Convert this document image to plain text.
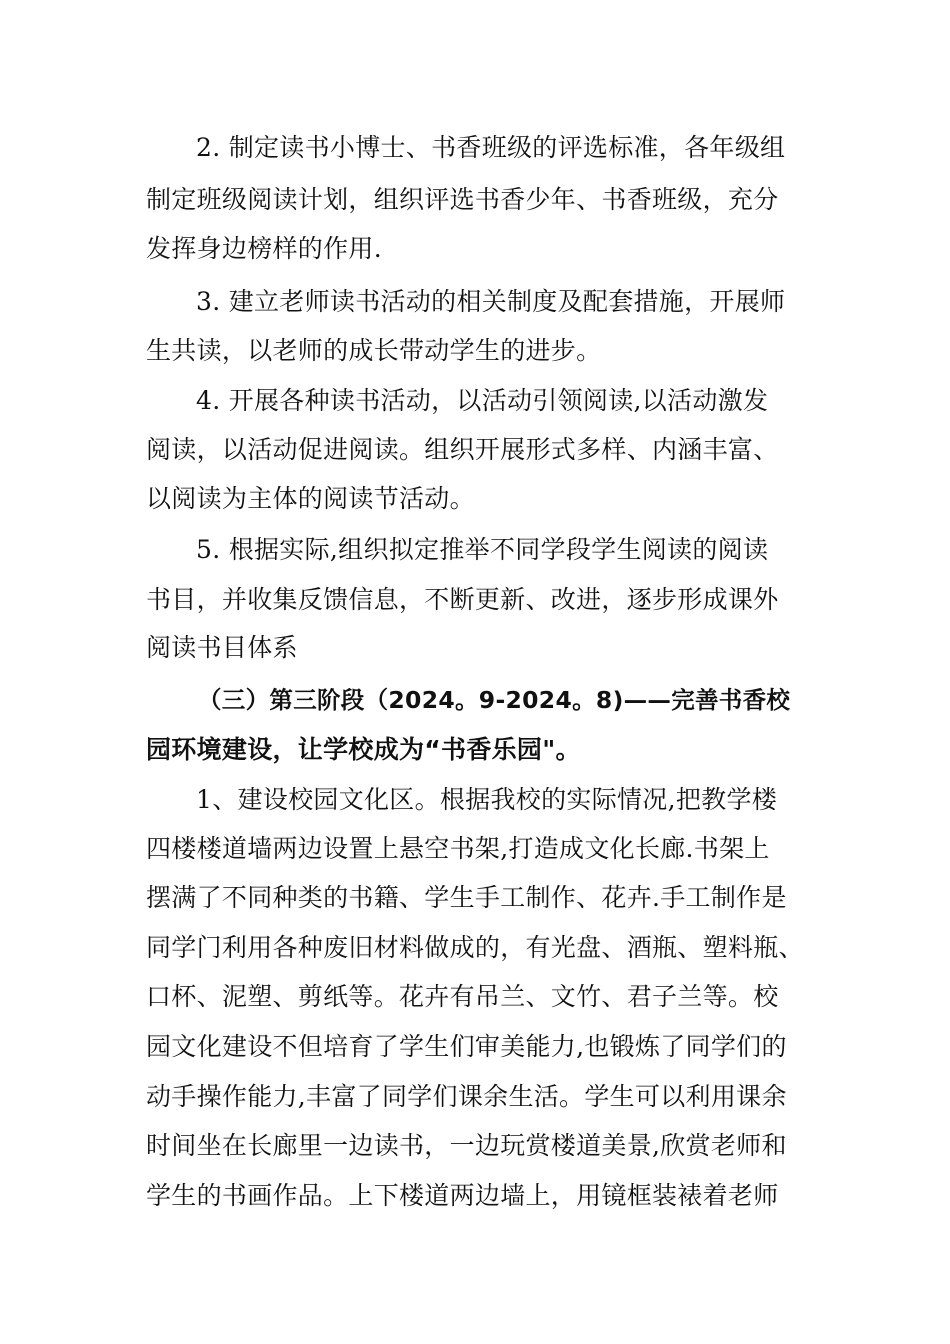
2. 制定读书小博士、书香班级的评选标准，各年级组
制定班级阅读计划，组织评选书香少年、书香班级，充分
发挥身边榜样的作用.
3. 建立老师读书活动的相关制度及配套措施，开展师
生共读，以老师的成长带动学生的进步。
4. 开展各种读书活动，以活动引领阅读,以活动激发
阅读，以活动促进阅读。组织开展形式多样、内涵丰富、
以阅读为主体的阅读节活动。
5. 根据实际,组织拟定推举不同学段学生阅读的阅读
书目，并收集反馈信息，不断更新、改进，逐步形成课外
阅读书目体系
（三）第三阶段（2024。9-2024。8)——完善书香校
园环境建设，让学校成为“书香乐园"。
1、建设校园文化区。根据我校的实际情况,把教学楼
四楼楼道墙两边设置上悬空书架,打造成文化长廊.书架上
摆满了不同种类的书籍、学生手工制作、花卉.手工制作是
同学门利用各种废旧材料做成的，有光盘、酒瓶、塑料瓶、
口杯、泥塑、剪纸等。花卉有吊兰、文竹、君子兰等。校
园文化建设不但培育了学生们审美能力,也锻炼了同学们的
动手操作能力,丰富了同学们课余生活。学生可以利用课余
时间坐在长廊里一边读书，一边玩赏楼道美景,欣赏老师和
学生的书画作品。上下楼道两边墙上，用镜框装裱着老师
